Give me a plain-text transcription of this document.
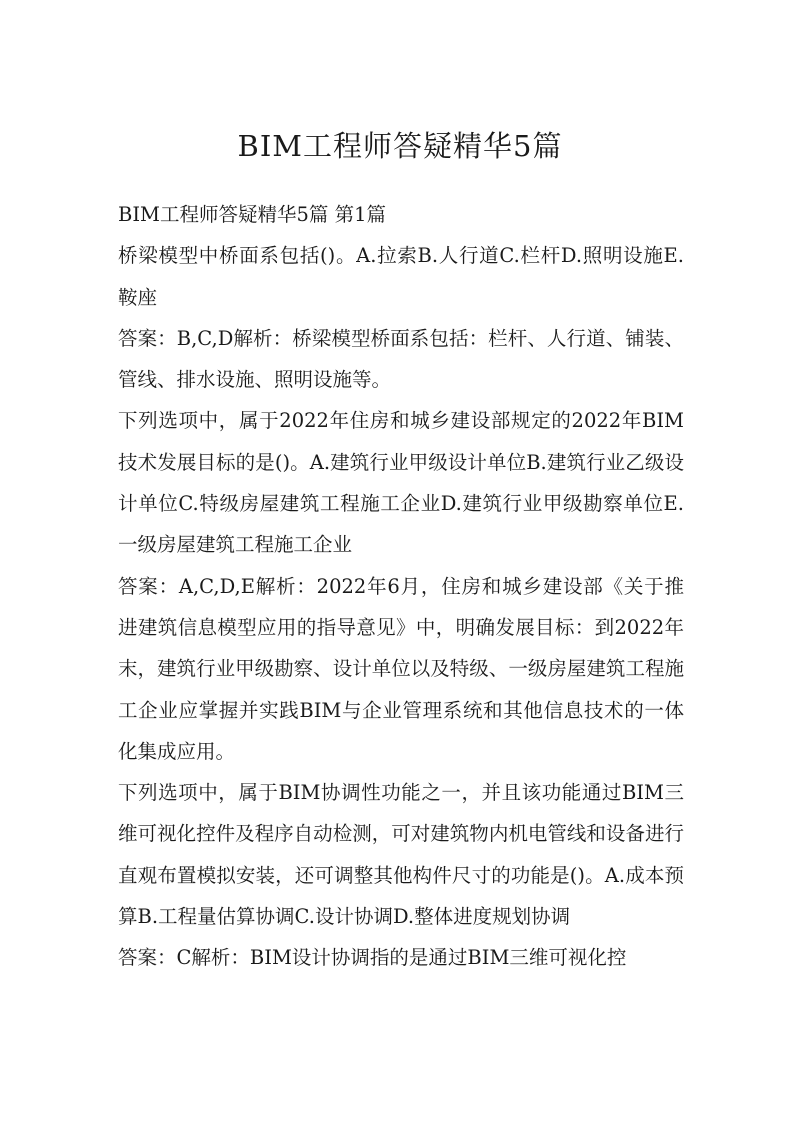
BIM工程师答疑精华5篇

BIM工程师答疑精华5篇 第1篇

桥梁模型中桥面系包括()。A.拉索B.人行道C.栏杆D.照明设施E.鞍座

答案：B,C,D解析：桥梁模型桥面系包括：栏杆、人行道、铺装、管线、排水设施、照明设施等。

下列选项中，属于2022年住房和城乡建设部规定的2022年BIM技术发展目标的是()。A.建筑行业甲级设计单位B.建筑行业乙级设计单位C.特级房屋建筑工程施工企业D.建筑行业甲级勘察单位E.一级房屋建筑工程施工企业

答案：A,C,D,E解析：2022年6月，住房和城乡建设部《关于推进建筑信息模型应用的指导意见》中，明确发展目标：到2022年末，建筑行业甲级勘察、设计单位以及特级、一级房屋建筑工程施工企业应掌握并实践BIM与企业管理系统和其他信息技术的一体化集成应用。

下列选项中，属于BIM协调性功能之一，并且该功能通过BIM三维可视化控件及程序自动检测，可对建筑物内机电管线和设备进行直观布置模拟安装，还可调整其他构件尺寸的功能是()。A.成本预算B.工程量估算协调C.设计协调D.整体进度规划协调

答案：C解析：BIM设计协调指的是通过BIM三维可视化控
